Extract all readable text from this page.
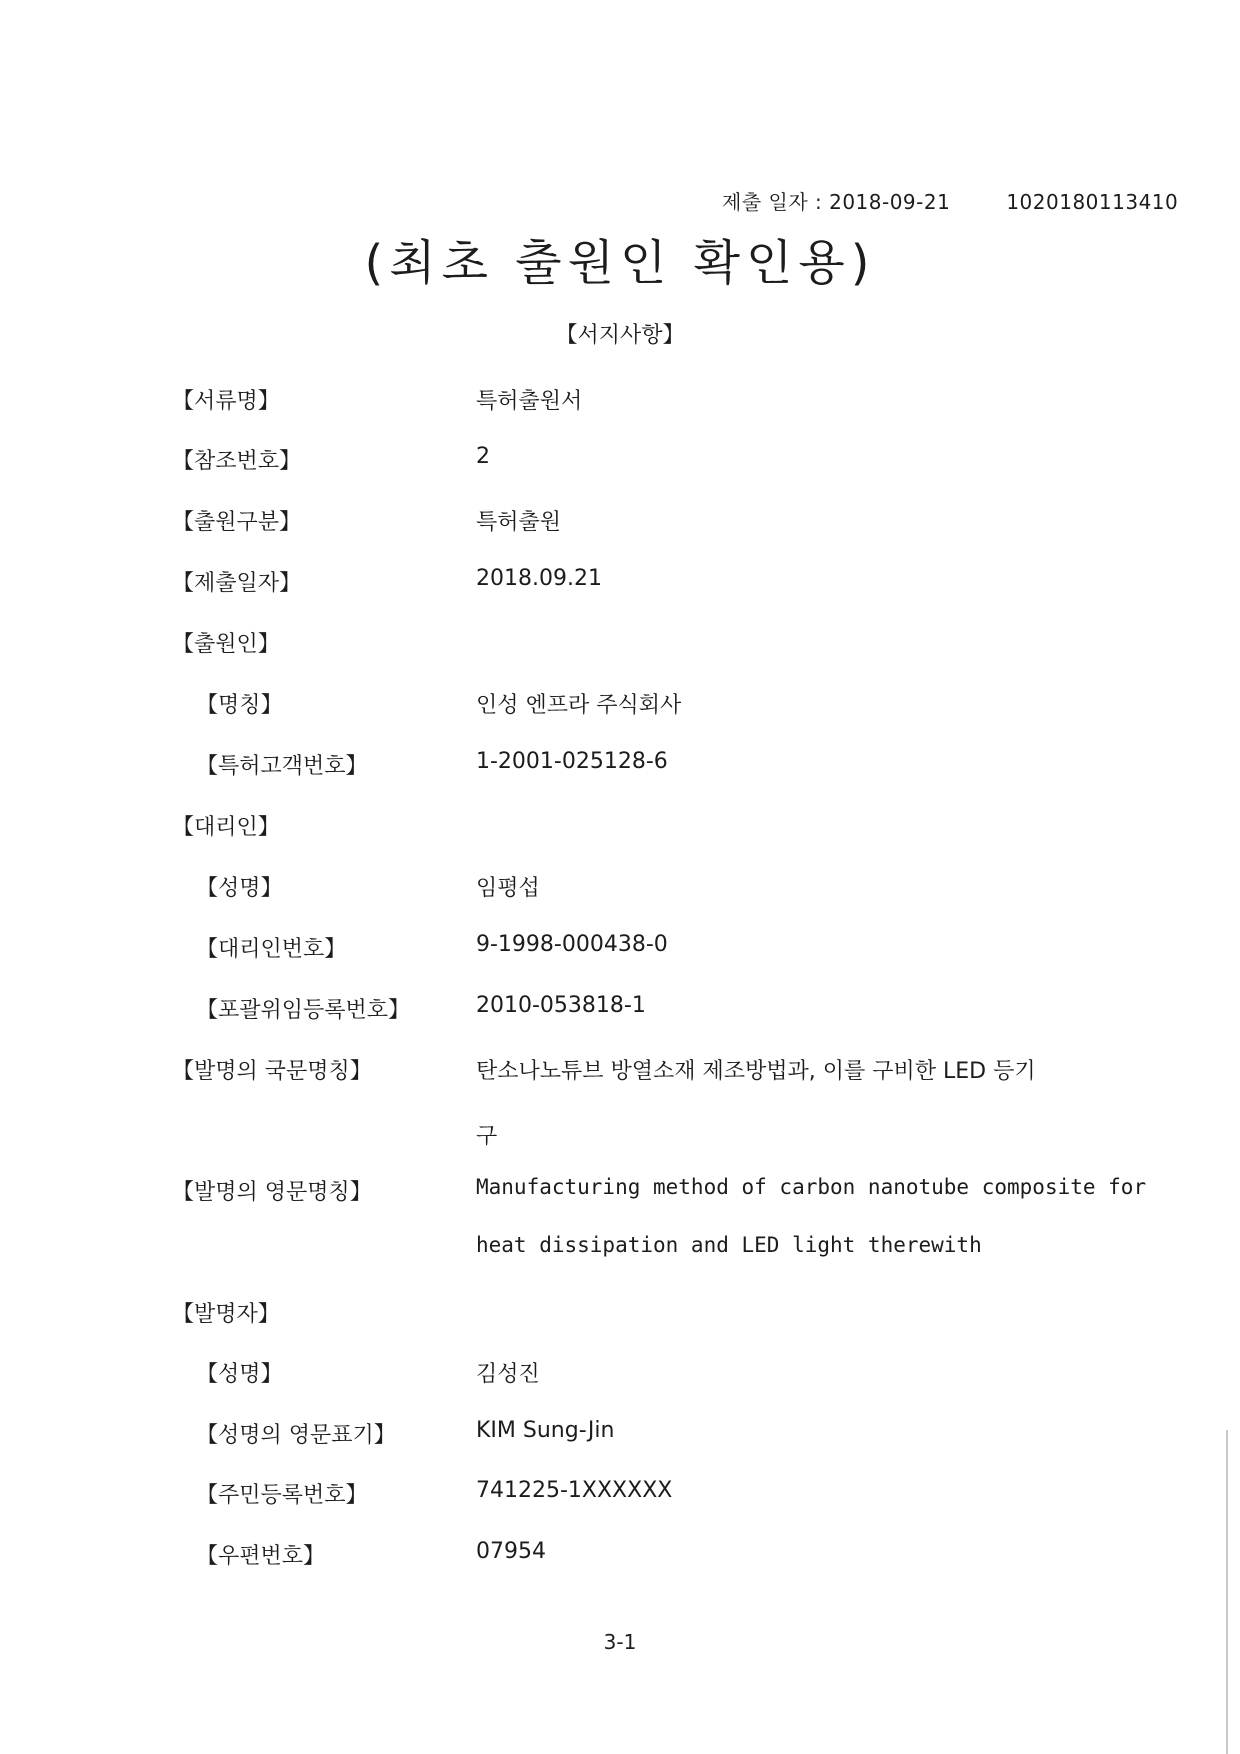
제출 일자 : 2018-09-21	1020180113410
(최초 출원인 확인용)
【서지사항】
【서류명】	특허출원서
【참조번호】	2
【출원구분】	특허출원
【제출일자】	2018.09.21
【출원인】
【명칭】	인성 엔프라 주식회사
【특허고객번호】	1-2001-025128-6
【대리인】
【성명】	임평섭
【대리인번호】	9-1998-000438-0
【포괄위임등록번호】	2010-053818-1
【발명의 국문명칭】	탄소나노튜브 방열소재 제조방법과, 이를 구비한 LED 등기
구
【발명의 영문명칭】	Manufacturing method of carbon nanotube composite for
heat dissipation and LED light therewith
【발명자】
【성명】	김성진
【성명의 영문표기】	KIM Sung-Jin
【주민등록번호】	741225-1XXXXXX
【우편번호】	07954
3-1
